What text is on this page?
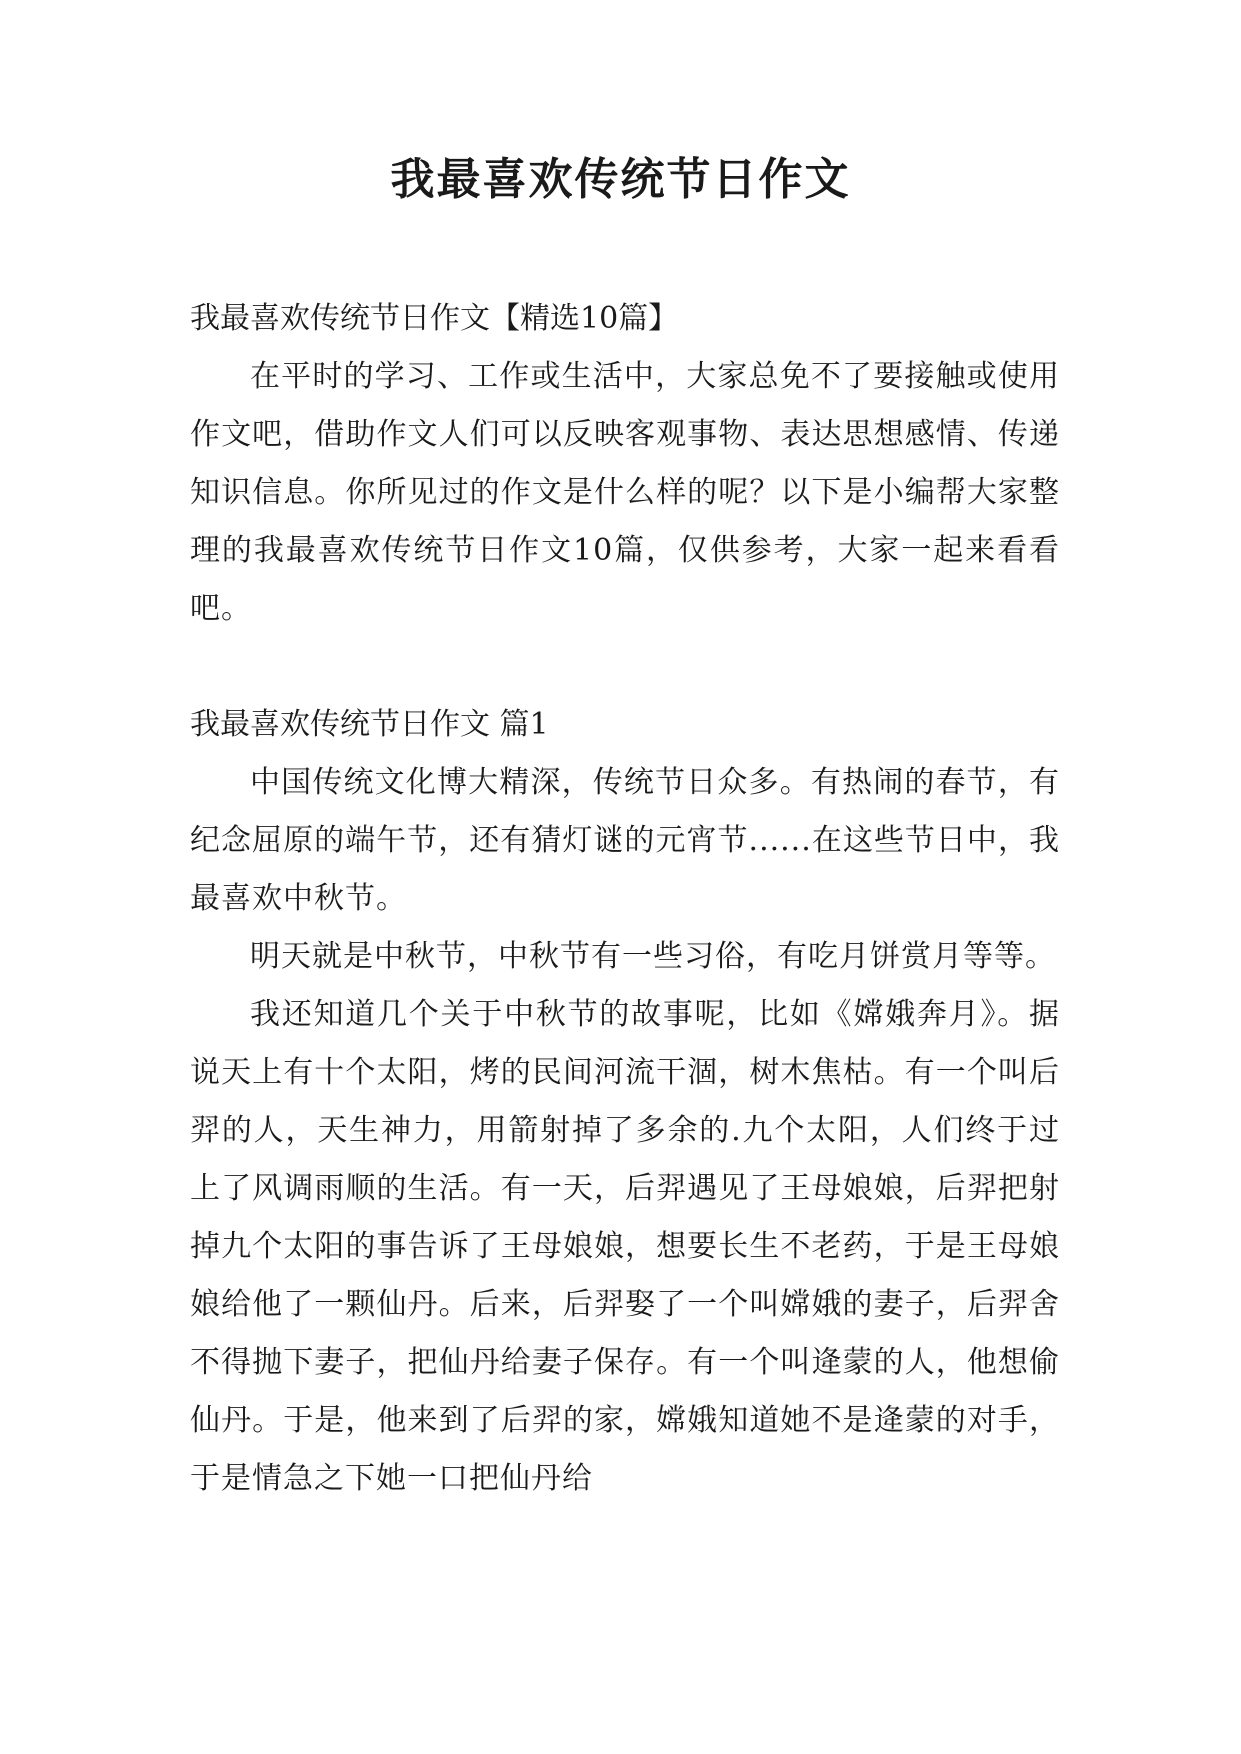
我最喜欢传统节日作文

我最喜欢传统节日作文【精选10篇】

在平时的学习、工作或生活中，大家总免不了要接触或使用作文吧，借助作文人们可以反映客观事物、表达思想感情、传递知识信息。你所见过的作文是什么样的呢？以下是小编帮大家整理的我最喜欢传统节日作文10篇，仅供参考，大家一起来看看吧。

我最喜欢传统节日作文 篇1

中国传统文化博大精深，传统节日众多。有热闹的春节，有纪念屈原的端午节，还有猜灯谜的元宵节......在这些节日中，我最喜欢中秋节。

明天就是中秋节，中秋节有一些习俗，有吃月饼赏月等等。

我还知道几个关于中秋节的故事呢，比如《嫦娥奔月》。据说天上有十个太阳，烤的民间河流干涸，树木焦枯。有一个叫后羿的人，天生神力，用箭射掉了多余的.九个太阳，人们终于过上了风调雨顺的生活。有一天，后羿遇见了王母娘娘，后羿把射掉九个太阳的事告诉了王母娘娘，想要长生不老药，于是王母娘娘给他了一颗仙丹。后来，后羿娶了一个叫嫦娥的妻子，后羿舍不得抛下妻子，把仙丹给妻子保存。有一个叫逄蒙的人，他想偷仙丹。于是，他来到了后羿的家，嫦娥知道她不是逄蒙的对手，于是情急之下她一口把仙丹给
